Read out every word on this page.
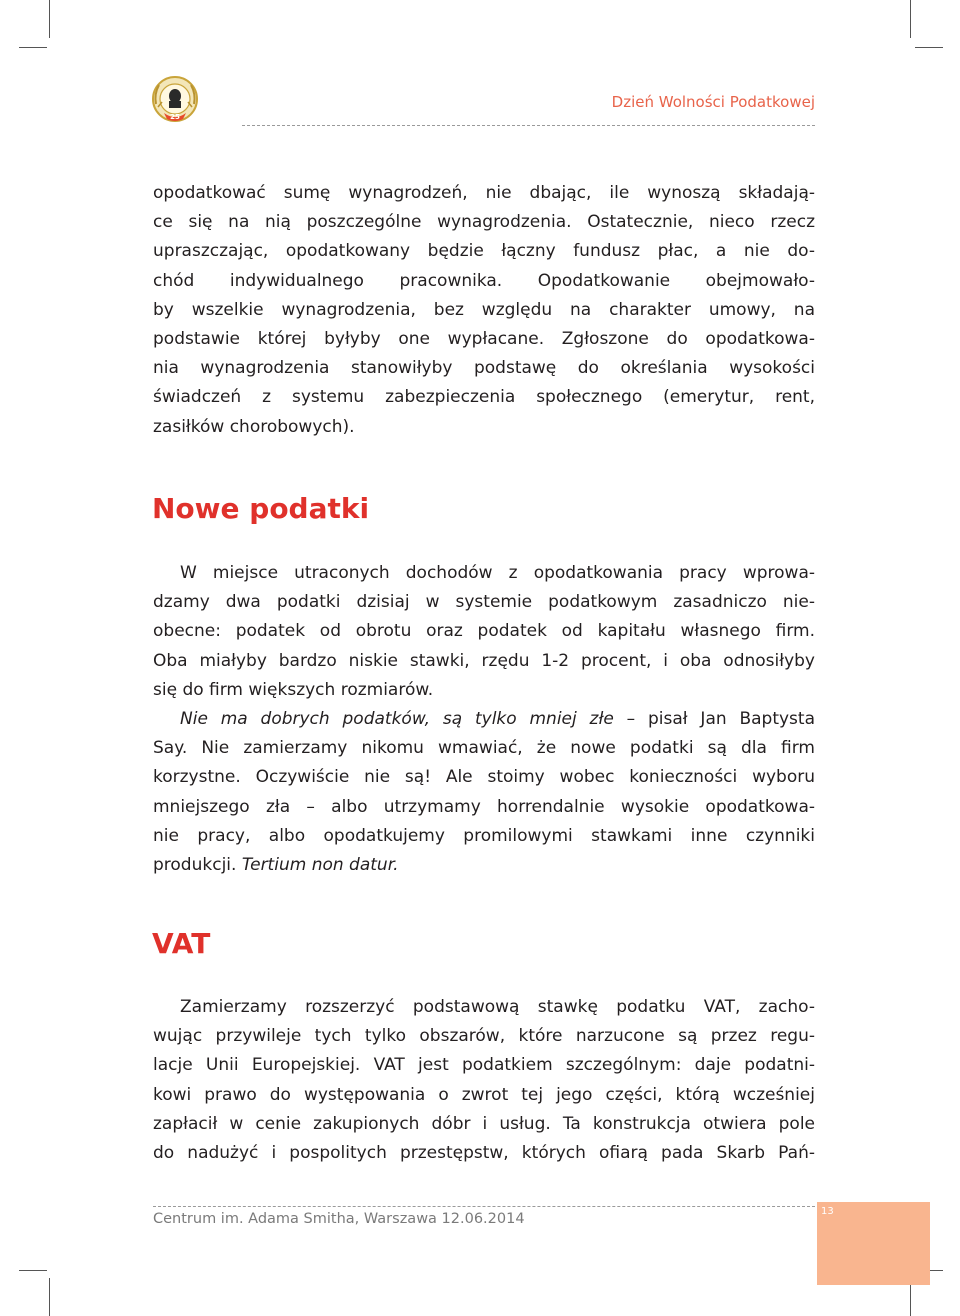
25
Dzień Wolności Podatkowej

opodatkować sumę wynagrodzeń, nie dbając, ile wynoszą składają-
ce się na nią poszczególne wynagrodzenia. Ostatecznie, nieco rzecz
upraszczając, opodatkowany będzie łączny fundusz płac, a nie do-
chód indywidualnego pracownika. Opodatkowanie obejmowało-
by wszelkie wynagrodzenia, bez względu na charakter umowy, na
podstawie której byłyby one wypłacane. Zgłoszone do opodatkowa-
nia wynagrodzenia stanowiłyby podstawę do określania wysokości
świadczeń z systemu zabezpieczenia społecznego (emerytur, rent,
zasiłków chorobowych).

Nowe podatki

W miejsce utraconych dochodów z opodatkowania pracy wprowa-
dzamy dwa podatki dzisiaj w systemie podatkowym zasadniczo nie-
obecne: podatek od obrotu oraz podatek od kapitału własnego firm.
Oba miałyby bardzo niskie stawki, rzędu 1-2 procent, i oba odnosiłyby
się do firm większych rozmiarów.

Nie ma dobrych podatków, są tylko mniej złe – pisał Jan Baptysta
Say. Nie zamierzamy nikomu wmawiać, że nowe podatki są dla firm
korzystne. Oczywiście nie są! Ale stoimy wobec konieczności wyboru
mniejszego zła – albo utrzymamy horrendalnie wysokie opodatkowa-
nie pracy, albo opodatkujemy promilowymi stawkami inne czynniki
produkcji. Tertium non datur.

VAT

Zamierzamy rozszerzyć podstawową stawkę podatku VAT, zacho-
wując przywileje tych tylko obszarów, które narzucone są przez regu-
lacje Unii Europejskiej. VAT jest podatkiem szczególnym: daje podatni-
kowi prawo do występowania o zwrot tej jego części, którą wcześniej
zapłacił w cenie zakupionych dóbr i usług. Ta konstrukcja otwiera pole
do nadużyć i pospolitych przestępstw, których ofiarą pada Skarb Pań-

Centrum im. Adama Smitha, Warszawa 12.06.2014	13
